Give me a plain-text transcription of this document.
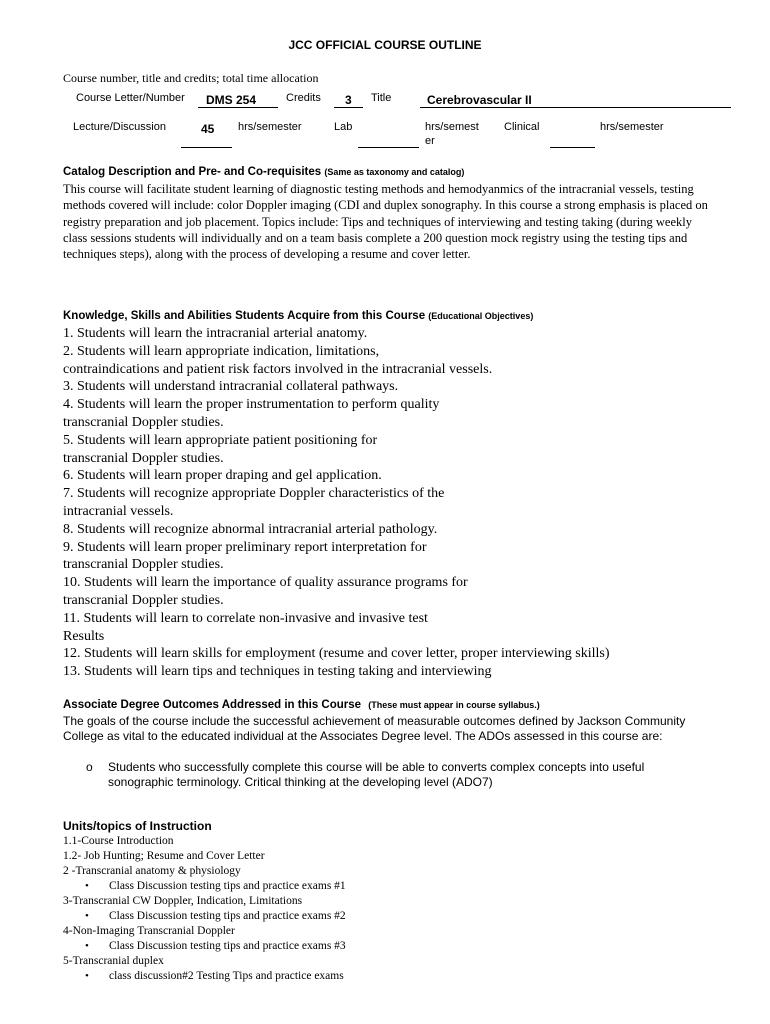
JCC OFFICIAL COURSE OUTLINE
Course number, title and credits; total time allocation
Course Letter/Number DMS 254	Credits 3 Title	Cerebrovascular II
Lecture/Discussion	45 hrs/semester	Lab	hrs/semest
er
Clinical	hrs/semester
Catalog Description and Pre- and Co-requisites (Same as taxonomy and catalog)
This course will facilitate student learning of diagnostic testing methods and hemodyanmics of the intracranial vessels, testing methods covered will include: color Doppler imaging (CDI and duplex sonography. In this course a strong emphasis is placed on registry preparation and job placement. Topics include: Tips and techniques of interviewing and testing taking (during weekly class sessions students will individually and on a team basis complete a 200 question mock registry using the testing tips and techniques steps), along with the process of developing a resume and cover letter.
Knowledge, Skills and Abilities Students Acquire from this Course (Educational Objectives)
1. Students will learn the intracranial arterial anatomy.
2. Students will learn appropriate indication, limitations,
contraindications and patient risk factors involved in the intracranial vessels.
3. Students will understand intracranial collateral pathways.
4. Students will learn the proper instrumentation to perform quality
transcranial Doppler studies.
5. Students will learn appropriate patient positioning for
transcranial Doppler studies.
6. Students will learn proper draping and gel application.
7. Students will recognize appropriate Doppler characteristics of the
intracranial vessels.
8. Students will recognize abnormal intracranial arterial pathology.
9. Students will learn proper preliminary report interpretation for
transcranial Doppler studies.
10. Students will learn the importance of quality assurance programs for
transcranial Doppler studies.
11. Students will learn to correlate non-invasive and invasive test
Results
12. Students will learn skills for employment (resume and cover letter, proper interviewing skills)
13. Students will learn tips and techniques in testing taking and interviewing
Associate Degree Outcomes Addressed in this Course (These must appear in course syllabus.)
The goals of the course include the successful achievement of measurable outcomes defined by Jackson Community College as vital to the educated individual at the Associates Degree level. The ADOs assessed in this course are:
o Students who successfully complete this course will be able to converts complex concepts into useful sonographic terminology. Critical thinking at the developing level (ADO7)
Units/topics of Instruction
1.1-Course Introduction
1.2- Job Hunting; Resume and Cover Letter
2 -Transcranial anatomy & physiology
• Class Discussion testing tips and practice exams #1
3-Transcranial CW Doppler, Indication, Limitations
• Class Discussion testing tips and practice exams #2
4-Non-Imaging Transcranial Doppler
• Class Discussion testing tips and practice exams #3
5-Transcranial duplex
• class discussion#2 Testing Tips and practice exams
